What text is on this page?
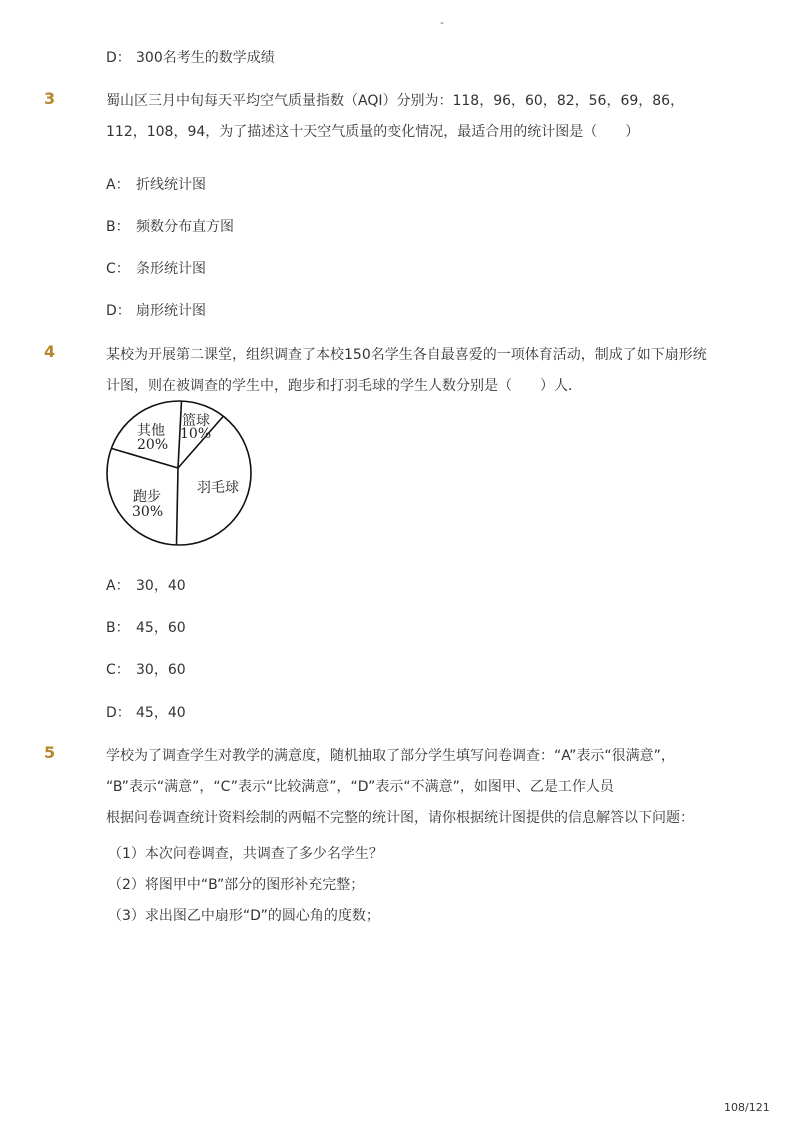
-
D： 300名考生的数学成绩
3	蜀山区三月中旬每天平均空气质量指数（AQI）分别为：118，96，60，82，56，69，86，
112，108，94，为了描述这十天空气质量的变化情况，最适合用的统计图是（　　）
A： 折线统计图
B： 频数分布直方图
C： 条形统计图
D： 扇形统计图
4	某校为开展第二课堂，组织调查了本校150名学生各自最喜爱的一项体育活动，制成了如下扇形统
计图，则在被调查的学生中，跑步和打羽毛球的学生人数分别是（　　）人．
篮球
10%
其他
20%
羽毛球
跑步
30%
A： 30，40
B： 45，60
C： 30，60
D： 45，40
5	学校为了调查学生对教学的满意度，随机抽取了部分学生填写问卷调查：“A”表示“很满意”，
“B”表示“满意”，“C”表示“比较满意”，“D”表示“不满意”，如图甲、乙是工作人员
根据问卷调查统计资料绘制的两幅不完整的统计图，请你根据统计图提供的信息解答以下问题：
（1）本次问卷调查，共调查了多少名学生？
（2）将图甲中“B”部分的图形补充完整；
（3）求出图乙中扇形“D”的圆心角的度数；
108/121
